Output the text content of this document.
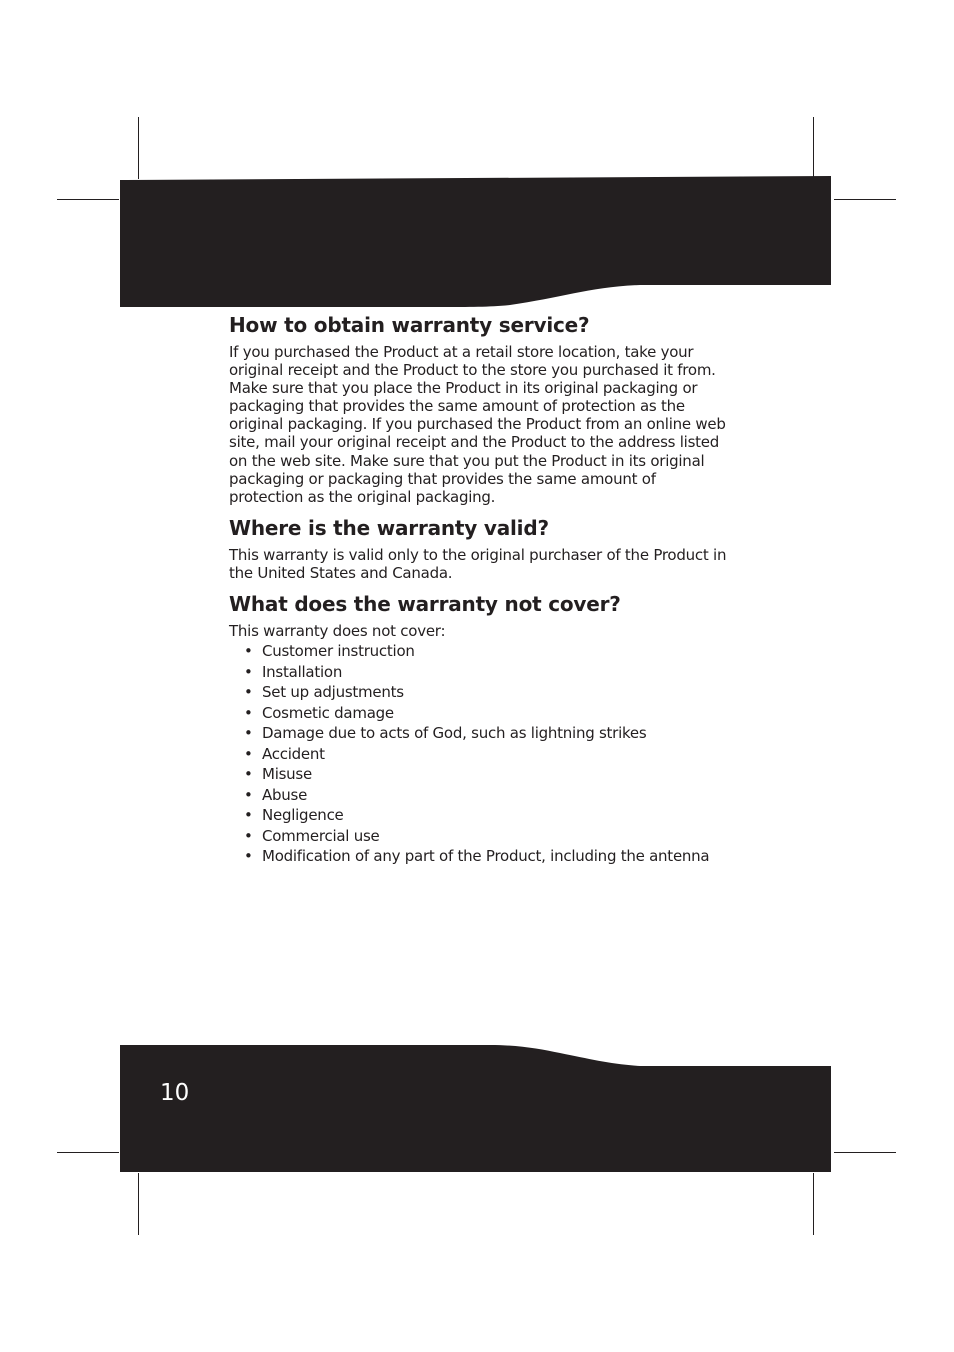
10
How to obtain warranty service?

If you purchased the Product at a retail store location, take your
original receipt and the Product to the store you purchased it from.
Make sure that you place the Product in its original packaging or
packaging that provides the same amount of protection as the
original packaging. If you purchased the Product from an online web
site, mail your original receipt and the Product to the address listed
on the web site. Make sure that you put the Product in its original
packaging or packaging that provides the same amount of
protection as the original packaging.

Where is the warranty valid?

This warranty is valid only to the original purchaser of the Product in
the United States and Canada.

What does the warranty not cover?

This warranty does not cover:

• Customer instruction
• Installation
• Set up adjustments
• Cosmetic damage
• Damage due to acts of God, such as lightning strikes
• Accident
• Misuse
• Abuse
• Negligence
• Commercial use
• Modification of any part of the Product, including the antenna
